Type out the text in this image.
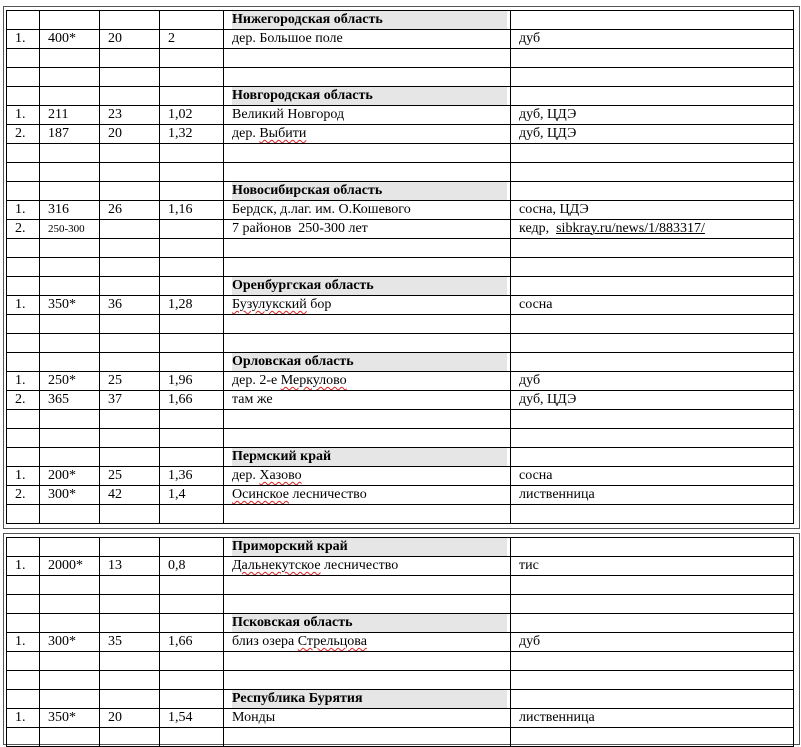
				Нижегородская область	

1.	400*	20	2	дер. Большое поле	дуб

				Новгородская область	

1.	211	23	1,02	Великий Новгород	дуб, ЦДЭ
2.	187	20	1,32	дер. Выбити	дуб, ЦДЭ

				Новосибирская область	

1.	316	26	1,16	Бердск, д.лаг. им. О.Кошевого	сосна, ЦДЭ
2.	250-300			7 районов  250-300 лет	кедр,  sibkray.ru/news/1/883317/

				Оренбургская область	

1.	350*	36	1,28	Бузулукский бор	сосна

				Орловская область	

1.	250*	25	1,96	дер. 2-е Меркулово	дуб
2.	365	37	1,66	там же	дуб, ЦДЭ

				Пермский край	

1.	200*	25	1,36	дер. Хазово	сосна
2.	300*	42	1,4	Осинское лесничество	лиственница

				Приморский край	

1.	2000*	13	0,8	Дальнекутское лесничество	тис

				Псковская область	

1.	300*	35	1,66	близ озера Стрельцова	дуб

				Республика Бурятия	

1.	350*	20	1,54	Монды	лиственница
